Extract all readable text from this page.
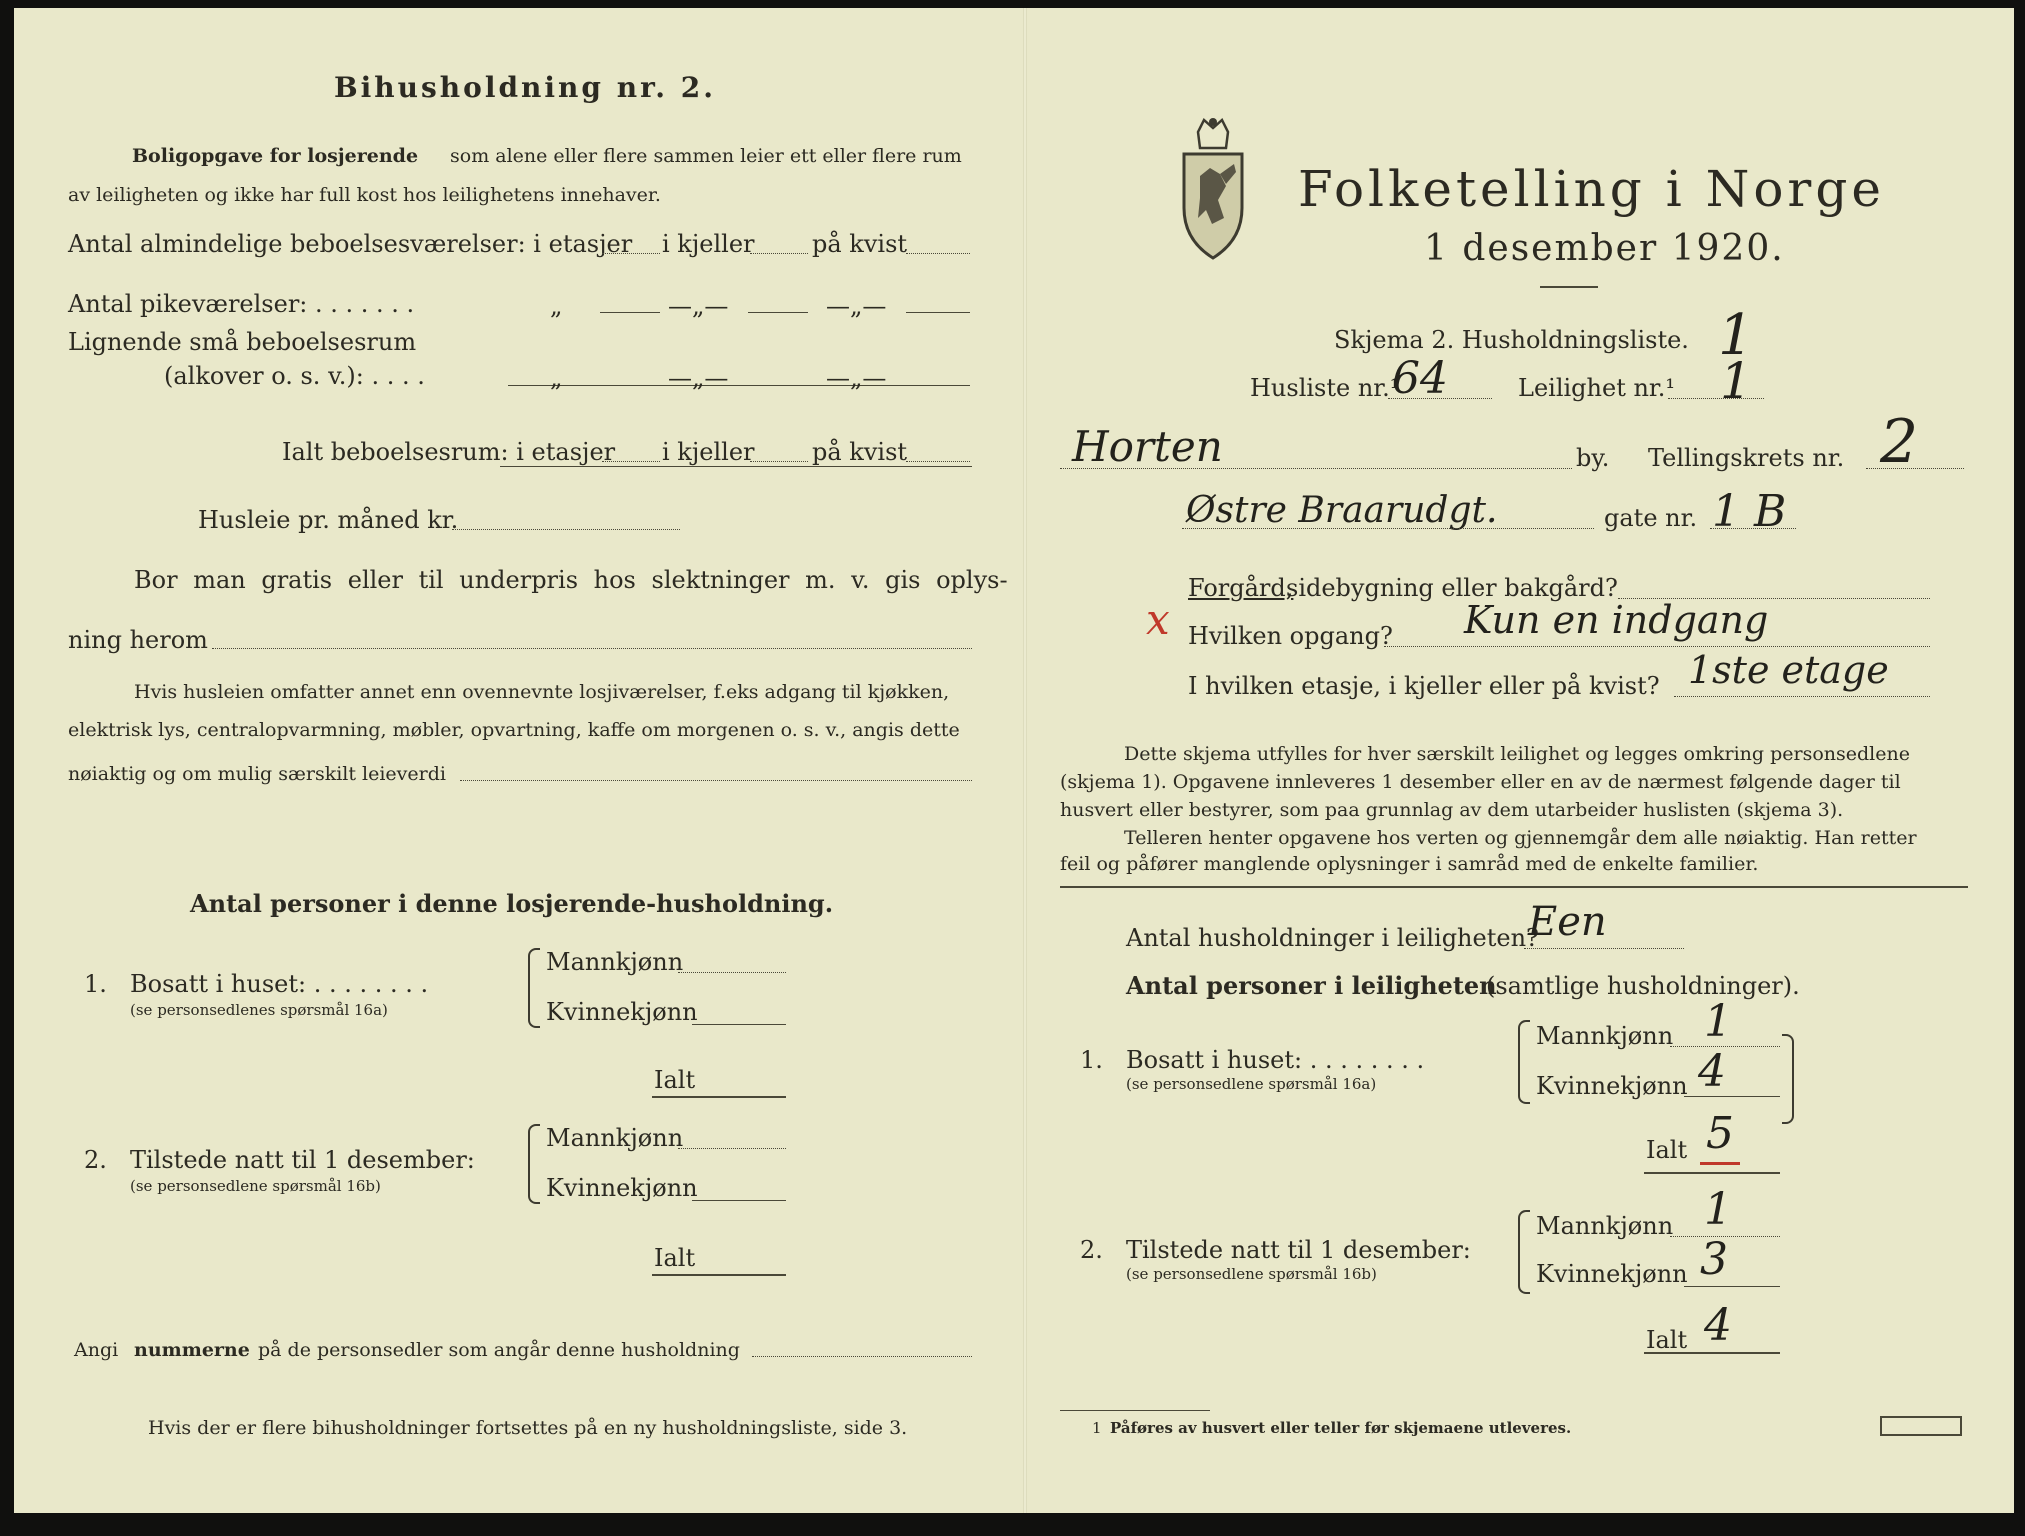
Bihusholdning nr. 2.
Boligopgave for losjerende som alene eller flere sammen leier ett eller flere rum
av leiligheten og ikke har full kost hos leilighetens innehaver.
Antal almindelige beboelsesværelser: i etasjer i kjeller på kvist
Antal pikeværelser: . . . . . . .	„	—„—	—„—
Lignende små beboelsesrum
(alkover o. s. v.): . . . .	„	—„—	—„—
Ialt beboelsesrum: i etasjer i kjeller på kvist
Husleie pr. måned kr.
Bor man gratis eller til underpris hos slektninger m. v. gis oplys-
ning herom
Hvis husleien omfatter annet enn ovennevnte losjiværelser, f.eks adgang til kjøkken,
elektrisk lys, centralopvarmning, møbler, opvartning, kaffe om morgenen o. s. v., angis dette
nøiaktig og om mulig særskilt leieverdi
Antal personer i denne losjerende-husholdning.
1. Bosatt i huset: . . . . . . . .
(se personsedlenes spørsmål 16a)
Mannkjønn
Kvinnekjønn
Ialt
2. Tilstede natt til 1 desember:
(se personsedlene spørsmål 16b)
Mannkjønn
Kvinnekjønn
Ialt
Angi nummerne på de personsedler som angår denne husholdning
Hvis der er flere bihusholdninger fortsettes på en ny husholdningsliste, side 3.
Folketelling i Norge
1 desember 1920.
Skjema 2. Husholdningsliste. 1
Husliste nr.¹
64	Leilighet nr.¹ 1
Horten	by. Tellingskrets nr. 2
Østre Braarudgt.	gate nr. 1 B
Forgård,
sidebygning eller bakgård?
x Hvilken opgang? Kun en indgang
I hvilken etasje, i kjeller eller på kvist? 1ste etage
Dette skjema utfylles for hver særskilt leilighet og legges omkring personsedlene
(skjema 1). Opgavene innleveres 1 desember eller en av de nærmest følgende dager til
husvert eller bestyrer, som paa grunnlag av dem utarbeider huslisten (skjema 3).
Telleren henter opgavene hos verten og gjennemgår dem alle nøiaktig. Han retter
feil og påfører manglende oplysninger i samråd med de enkelte familier.
Antal husholdninger i leiligheten?
Een
Antal personer i leiligheten
(samtlige husholdninger).
1. Bosatt i huset: . . . . . . . .
(se personsedlene spørsmål 16a)
Mannkjønn 1
Kvinnekjønn 4
Ialt 5
2. Tilstede natt til 1 desember:
(se personsedlene spørsmål 16b)
Mannkjønn 1
Kvinnekjønn 3
Ialt 4
1 Påføres av husvert eller teller før skjemaene utleveres.
